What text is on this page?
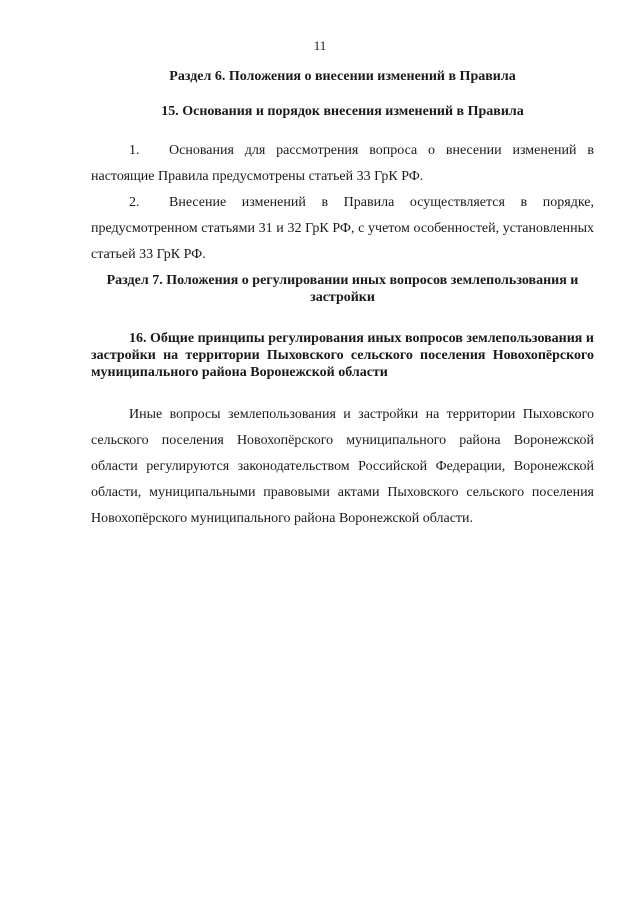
11
Раздел 6. Положения о внесении изменений в Правила
15. Основания и порядок внесения изменений в Правила

1. Основания для рассмотрения вопроса о внесении изменений в настоящие Правила предусмотрены статьей 33 ГрК РФ.

2. Внесение изменений в Правила осуществляется в порядке, предусмотренном статьями 31 и 32 ГрК РФ, с учетом особенностей, установленных статьей 33 ГрК РФ.

Раздел 7. Положения о регулировании иных вопросов землепользования и застройки
16. Общие принципы регулирования иных вопросов землепользования и застройки на территории Пыховского сельского поселения Новохопёрского муниципального района Воронежской области

Иные вопросы землепользования и застройки на территории Пыховского сельского поселения Новохопёрского муниципального района Воронежской области регулируются законодательством Российской Федерации, Воронежской области, муниципальными правовыми актами Пыховского сельского поселения Новохопёрского муниципального района Воронежской области.
